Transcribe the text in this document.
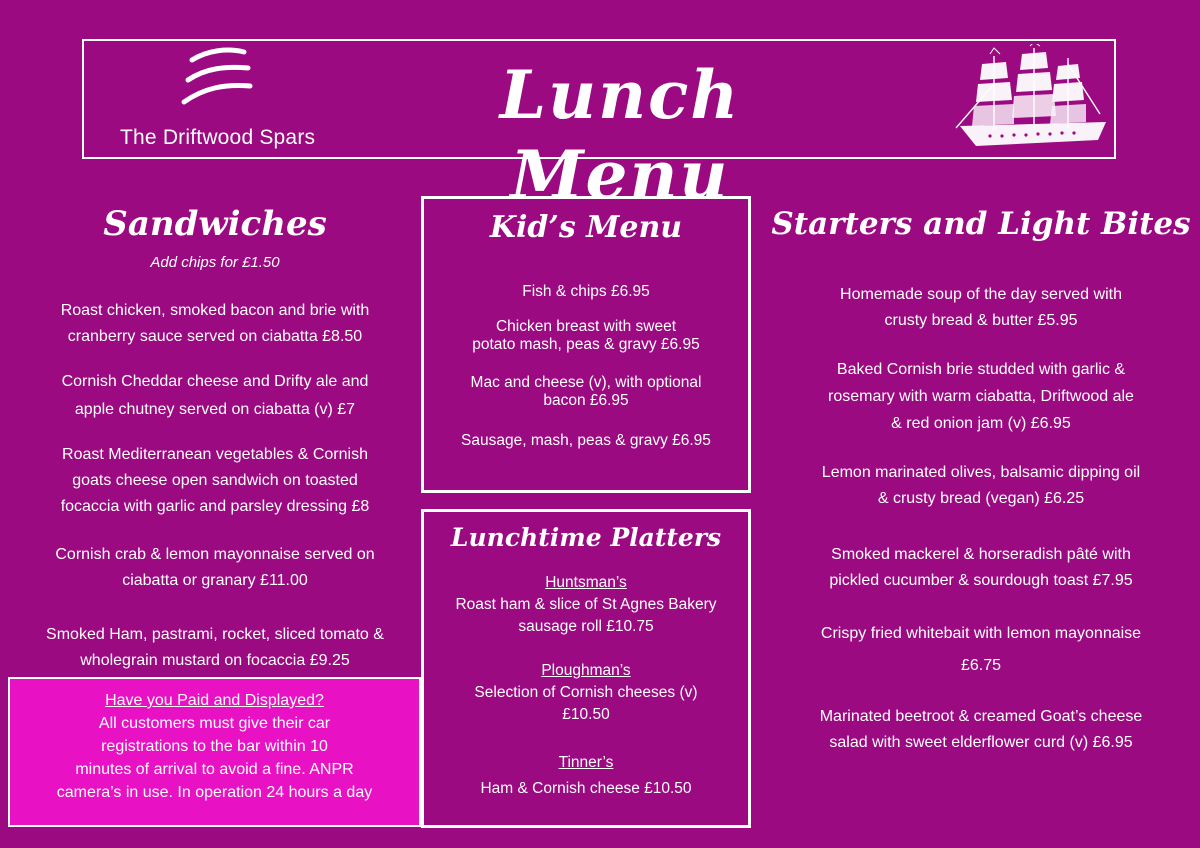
The Driftwood Spars
Lunch Menu
Sandwiches
Add chips for £1.50
Roast chicken, smoked bacon and brie with
cranberry sauce served on ciabatta £8.50
Cornish Cheddar cheese and Drifty ale and
apple chutney served on ciabatta (v) £7
Roast Mediterranean vegetables & Cornish
goats cheese open sandwich on toasted
focaccia with garlic and parsley dressing £8
Cornish crab & lemon mayonnaise served on
ciabatta or granary £11.00
Smoked Ham, pastrami, rocket, sliced tomato &
wholegrain mustard on focaccia £9.25
Have you Paid and Displayed?
All customers must give their car
registrations to the bar within 10
minutes of arrival to avoid a fine. ANPR
camera’s in use. In operation 24 hours a day
Kid’s Menu
Fish & chips £6.95
Chicken breast with sweet
potato mash, peas & gravy £6.95
Mac and cheese (v), with optional
bacon £6.95
Sausage, mash, peas & gravy £6.95
Lunchtime Platters
Huntsman’s
Roast ham & slice of St Agnes Bakery
sausage roll £10.75
Ploughman’s
Selection of Cornish cheeses (v)
£10.50
Tinner’s
Ham & Cornish cheese £10.50
Starters and Light Bites
Homemade soup of the day served with
crusty bread & butter £5.95
Baked Cornish brie studded with garlic &
rosemary with warm ciabatta, Driftwood ale
& red onion jam (v) £6.95
Lemon marinated olives, balsamic dipping oil
& crusty bread (vegan) £6.25
Smoked mackerel & horseradish pâté with
pickled cucumber & sourdough toast £7.95
Crispy fried whitebait with lemon mayonnaise
£6.75
Marinated beetroot & creamed Goat’s cheese
salad with sweet elderflower curd (v) £6.95
